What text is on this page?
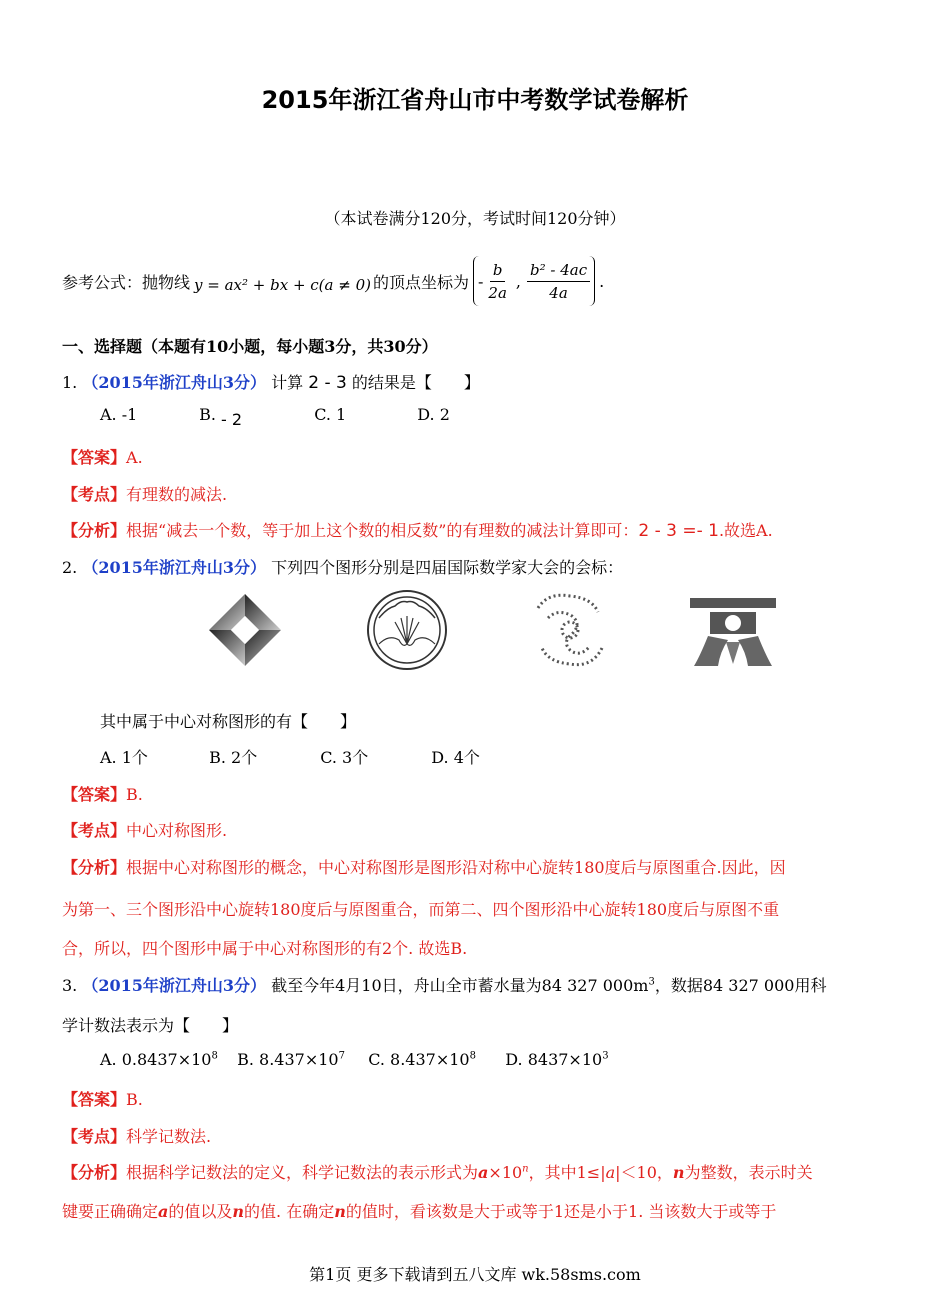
2015年浙江省舟山市中考数学试卷解析
（本试卷满分120分，考试时间120分钟）
参考公式：抛物线 y = ax² + bx + c(a ≠ 0) 的顶点坐标为 - $\frac{b}{2a}$ , $\frac{\text{b² - 4ac}}{4a}$ .
一、选择题（本题有10小题，每小题3分，共30分）
1. （2015年浙江舟山3分） 计算 2 - 3 的结果是【　　】
A. -1	B. - 2	C. 1	D. 2
【答案】A.
【考点】有理数的减法.
【分析】根据“减去一个数，等于加上这个数的相反数”的有理数的减法计算即可：2 - 3 =- 1.故选A.
2. （2015年浙江舟山3分） 下列四个图形分别是四届国际数学家大会的会标：
其中属于中心对称图形的有【　　】
A. 1个	B. 2个	C. 3个	D. 4个
【答案】B.
【考点】中心对称图形.
【分析】根据中心对称图形的概念，中心对称图形是图形沿对称中心旋转180度后与原图重合.因此，因
为第一、三个图形沿中心旋转180度后与原图重合，而第二、四个图形沿中心旋转180度后与原图不重
合，所以，四个图形中属于中心对称图形的有2个. 故选B.
3. （2015年浙江舟山3分） 截至今年4月10日，舟山全市蓄水量为84 327 $000m^3$，数据84 327 000用科
学计数法表示为【　　】
A. $0.8437\times 10^8$ B. $8.437\times 10^7$ C. $8.437\times 10^8$ D. $8437\times 10^3$
【答案】B.
【考点】科学记数法.
【分析】根据科学记数法的定义，科学记数法的表示形式为$a\times 10^n$，其中1≤|a|＜10，n为整数，表示时关
键要正确确定a的值以及n的值. 在确定n的值时，看该数是大于或等于1还是小于1. 当该数大于或等于
第1页 更多下载请到五八文库 wk.58sms.com
